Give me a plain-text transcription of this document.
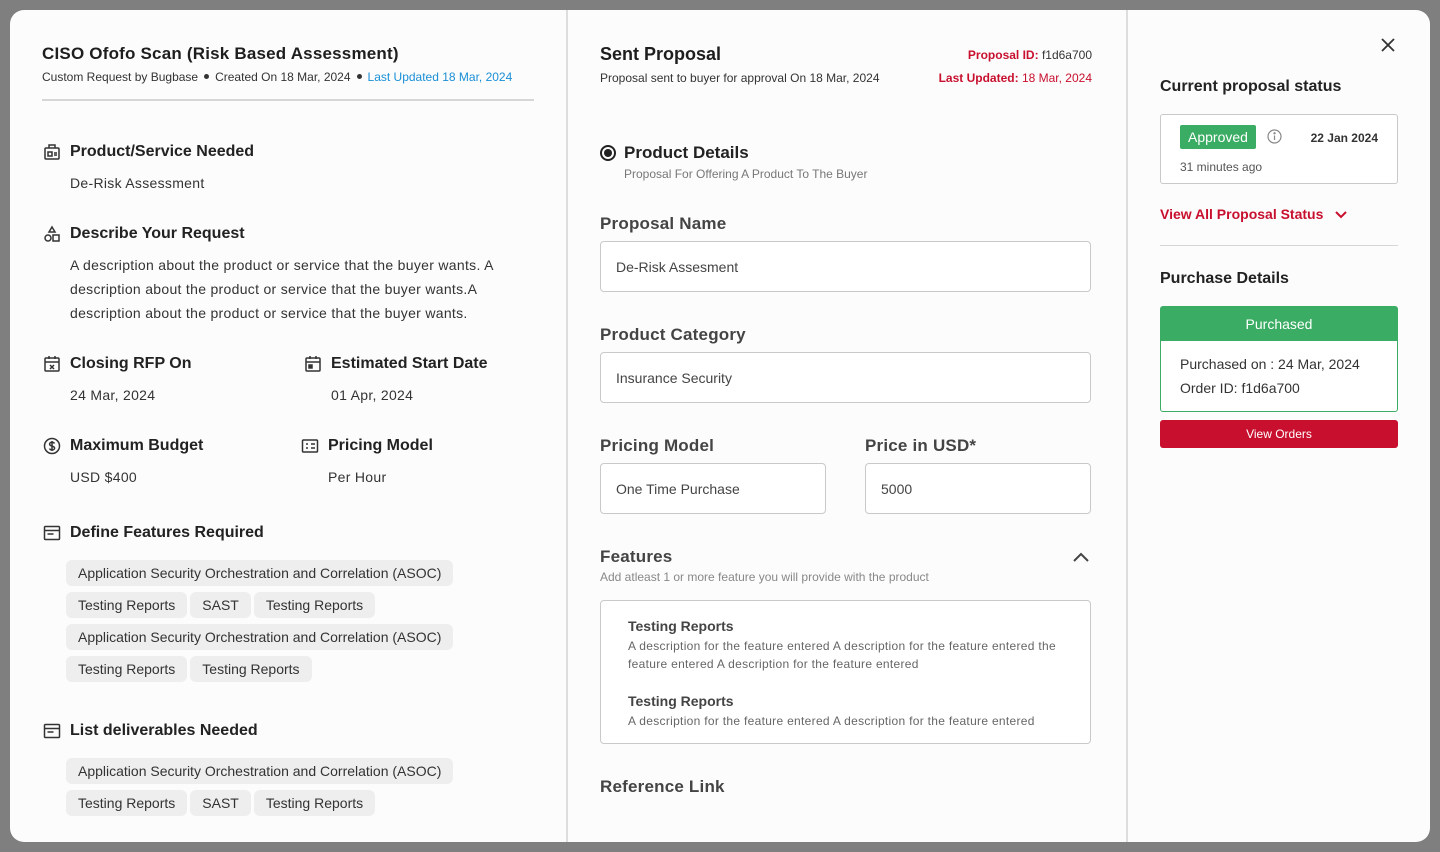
CISO Ofofo Scan (Risk Based Assessment)
Custom Request by Bugbase Created On 18 Mar, 2024 Last Updated 18 Mar, 2024
Product/Service Needed
De-Risk Assessment
Describe Your Request
A description about the product or service that the buyer wants. A description about the product or service that the buyer wants.A description about the product or service that the buyer wants.
Closing RFP On
24 Mar, 2024
Estimated Start Date
01 Apr, 2024
Maximum Budget
USD $400
Pricing Model
Per Hour
Define Features Required
Application Security Orchestration and Correlation (ASOC)
Testing Reports SAST Testing Reports
Application Security Orchestration and Correlation (ASOC)
Testing Reports Testing Reports
List deliverables Needed
Application Security Orchestration and Correlation (ASOC)
Testing Reports SAST Testing Reports
Sent Proposal
Proposal sent to buyer for approval On 18 Mar, 2024
Proposal ID: f1d6a700
Last Updated: 18 Mar, 2024
Product Details
Proposal For Offering A Product To The Buyer
Proposal Name
De-Risk Assesment
Product Category
Insurance Security
Pricing Model
One Time Purchase
Price in USD*
5000
Features
Add atleast 1 or more feature you will provide with the product
Testing Reports
A description for the feature entered A description for the feature entered the feature entered A description for the feature entered
Testing Reports
A description for the feature entered A description for the feature entered
Reference Link
Current proposal status
Approved	22 Jan 2024
31 minutes ago
View All Proposal Status
Purchase Details
Purchased
Purchased on : 24 Mar, 2024
Order ID: f1d6a700
View Orders
